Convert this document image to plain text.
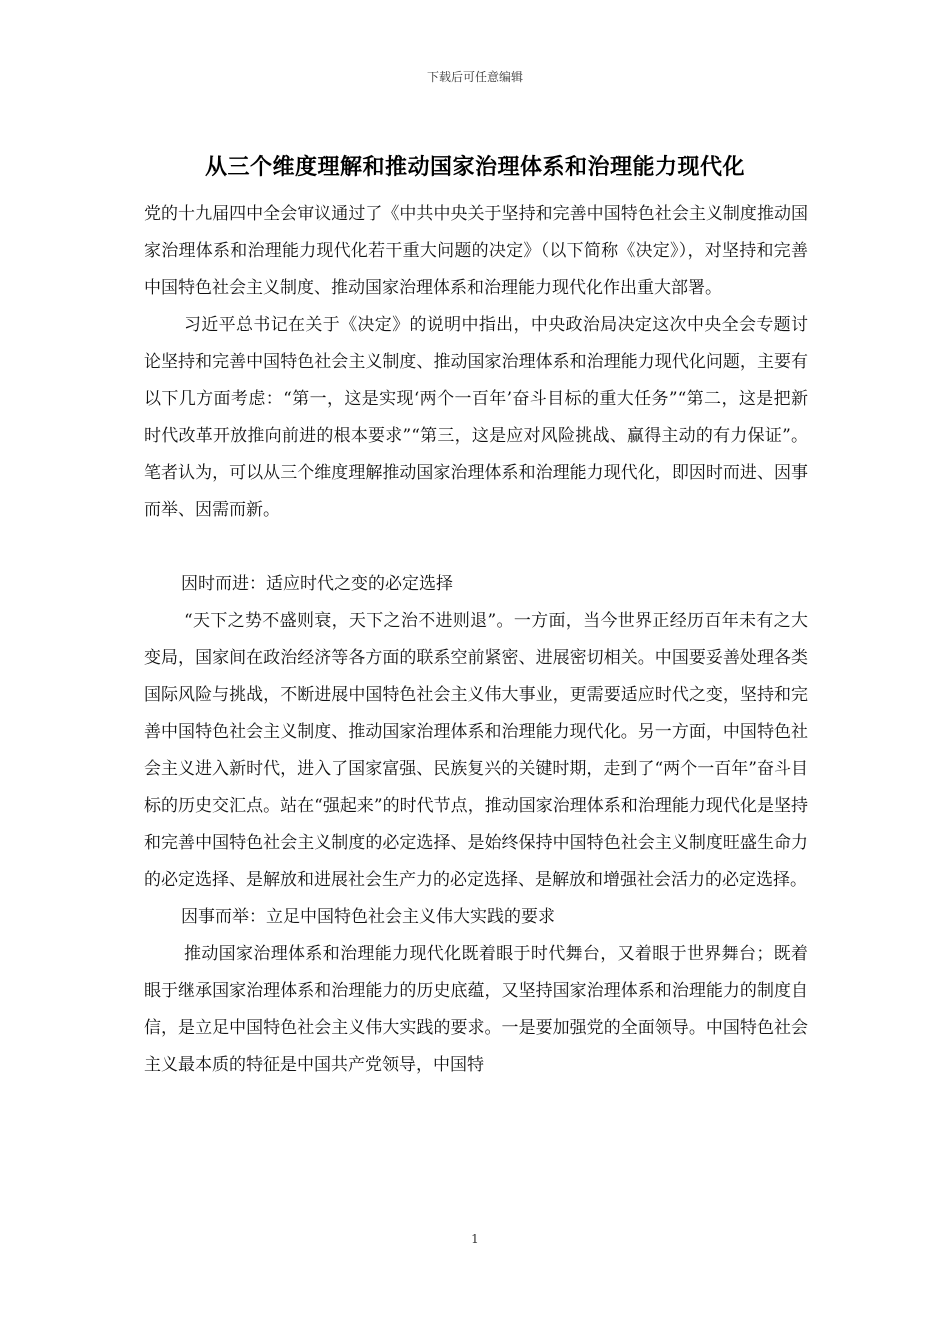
下载后可任意编辑
从三个维度理解和推动国家治理体系和治理能力现代化

党的十九届四中全会审议通过了《中共中央关于坚持和完善中国特色社会主义制度推动国家治理体系和治理能力现代化若干重大问题的决定》（以下简称《决定》），对坚持和完善中国特色社会主义制度、推动国家治理体系和治理能力现代化作出重大部署。

习近平总书记在关于《决定》的说明中指出，中央政治局决定这次中央全会专题讨论坚持和完善中国特色社会主义制度、推动国家治理体系和治理能力现代化问题，主要有以下几方面考虑：“第一，这是实现‘两个一百年’奋斗目标的重大任务”“第二，这是把新时代改革开放推向前进的根本要求”“第三，这是应对风险挑战、赢得主动的有力保证”。笔者认为，可以从三个维度理解推动国家治理体系和治理能力现代化，即因时而进、因事而举、因需而新。

因时而进：适应时代之变的必定选择

“天下之势不盛则衰，天下之治不进则退”。一方面，当今世界正经历百年未有之大变局，国家间在政治经济等各方面的联系空前紧密、进展密切相关。中国要妥善处理各类国际风险与挑战，不断进展中国特色社会主义伟大事业，更需要适应时代之变，坚持和完善中国特色社会主义制度、推动国家治理体系和治理能力现代化。另一方面，中国特色社会主义进入新时代，进入了国家富强、民族复兴的关键时期，走到了“两个一百年”奋斗目标的历史交汇点。站在“强起来”的时代节点，推动国家治理体系和治理能力现代化是坚持和完善中国特色社会主义制度的必定选择、是始终保持中国特色社会主义制度旺盛生命力的必定选择、是解放和进展社会生产力的必定选择、是解放和增强社会活力的必定选择。

因事而举：立足中国特色社会主义伟大实践的要求

推动国家治理体系和治理能力现代化既着眼于时代舞台，又着眼于世界舞台；既着眼于继承国家治理体系和治理能力的历史底蕴，又坚持国家治理体系和治理能力的制度自信，是立足中国特色社会主义伟大实践的要求。一是要加强党的全面领导。中国特色社会主义最本质的特征是中国共产党领导，中国特

1
